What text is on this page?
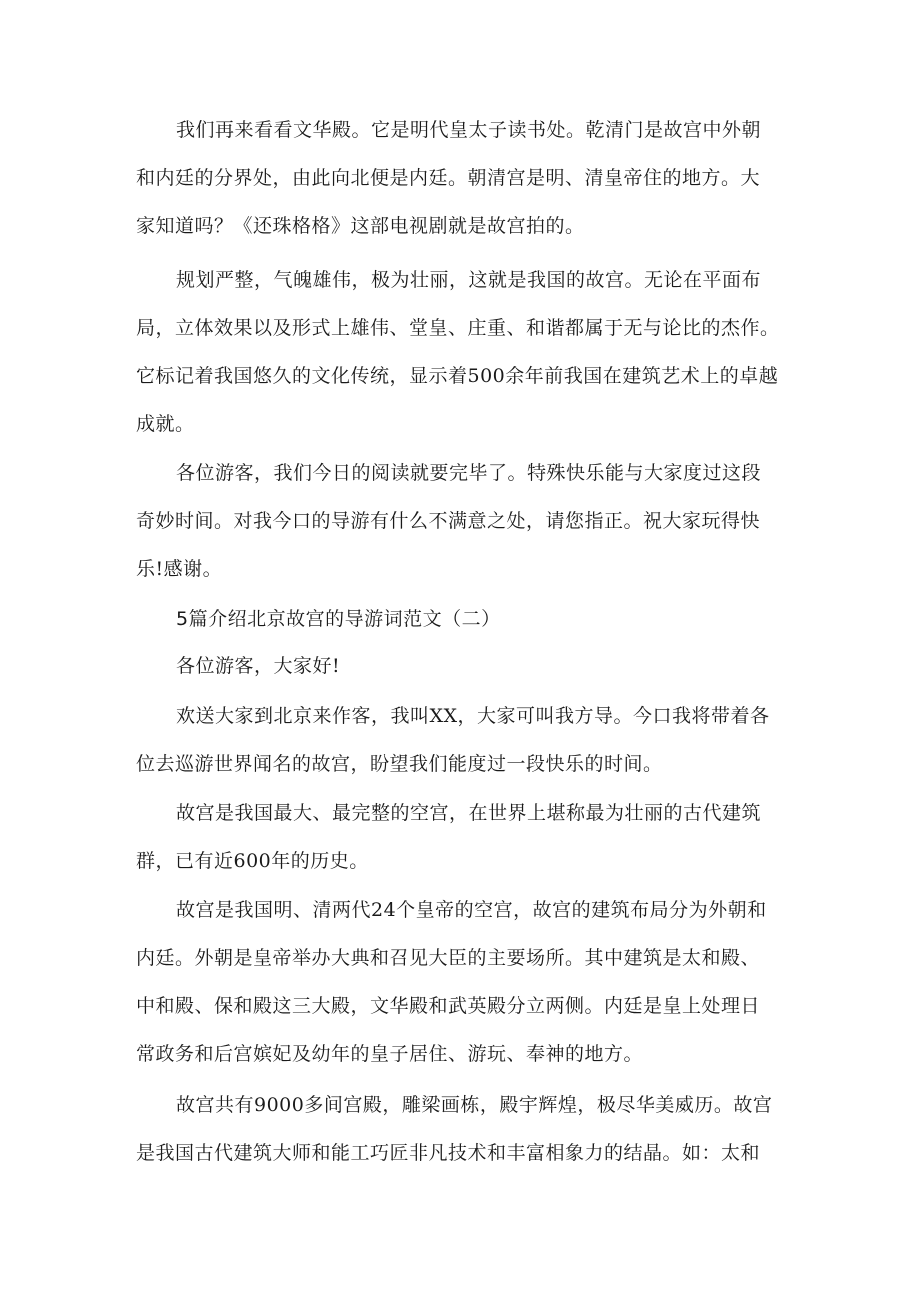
我们再来看看文华殿。它是明代皇太子读书处。乾清门是故宫中外朝
和内廷的分界处，由此向北便是内廷。朝清宫是明、清皇帝住的地方。大
家知道吗？《还珠格格》这部电视剧就是故宫拍的。
规划严整，气魄雄伟，极为壮丽，这就是我国的故宫。无论在平面布
局，立体效果以及形式上雄伟、堂皇、庄重、和谐都属于无与论比的杰作。
它标记着我国悠久的文化传统，显示着500余年前我国在建筑艺术上的卓越
成就。
各位游客，我们今日的阅读就要完毕了。特殊快乐能与大家度过这段
奇妙时间。对我今口的导游有什么不满意之处，请您指正。祝大家玩得快
乐!感谢。
5篇介绍北京故宫的导游词范文（二）
各位游客，大家好!
欢送大家到北京来作客，我叫XX，大家可叫我方导。今口我将带着各
位去巡游世界闻名的故宫，盼望我们能度过一段快乐的时间。
故宫是我国最大、最完整的空宫，在世界上堪称最为壮丽的古代建筑
群，已有近600年的历史。
故宫是我国明、清两代24个皇帝的空宫，故宫的建筑布局分为外朝和
内廷。外朝是皇帝举办大典和召见大臣的主要场所。其中建筑是太和殿、
中和殿、保和殿这三大殿，文华殿和武英殿分立两侧。内廷是皇上处理日
常政务和后宫嫔妃及幼年的皇子居住、游玩、奉神的地方。
故宫共有9000多间宫殿，雕梁画栋，殿宇辉煌，极尽华美威历。故宫
是我国古代建筑大师和能工巧匠非凡技术和丰富相象力的结晶。如：太和
